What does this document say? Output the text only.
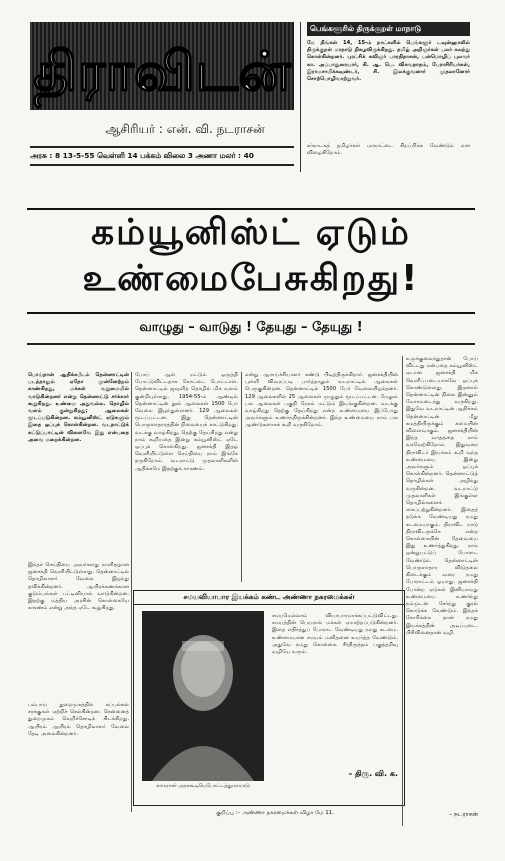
திராவிடன்
ஆசிரியர் : என். வி. நடராசன்
அரசு : 8 13-5-55 வெள்ளி 14 பக்கம் விலை 3 அணா மலர் : 40
பெங்களூரில் திருக்குறள் மாநாடு
மே திங்கள் 14, 15-ம் நாட்களில் பெங்களூர் டவுன்ஹாலில் திருக்குறள் மாநாடு நிகழவிருக்கிறது. தமிழ் அறிஞர்கள் பலர் கலந்து கொள்கின்றனர். புரட்சிக் கவிஞர் பாரதிதாசன், பன்மொழிப் புலவர் கா. அப்பாதுரையார், கி. ஆ. பெ. விசுவநாதம், பேராசிரியர்கள், இராமசாமிக்கவுண்டர், சி. இலக்குவனார் முதலானோர் சொற்பொழிவாற்றுவர்.
கர்நாடகத் தமிழர்கள் மாநாட்டை சிறப்பிக்க வேண்டும் என விழைகிறோம்.
கம்யூனிஸ்ட் ஏடும்
உண்மைபேசுகிறது!
வாழுது – வாடுது ! தேயுது – தேயுது !
பொய்தான் ஆதிக்கபீடம் தென்னாட்டின் படத்தாலும் ஏதோ முன்னேற்றம் காண்கிறது, மக்கள் வறுமையில் வாடுகின்றனர் என்று தென்னாட்டு சர்க்கார் கூறுகிறது. உண்மை அதுவல்ல. தொழில் வளம் குன்றுகிறது; ஆலைகள் மூடப்படுகின்றன. கம்யூனிஸ்ட் ஏடுகளும் இதை ஒப்புக் கொள்கின்றன. வடநாட்டுக் கட்டுப்பாட்டின் விளைவே இது என்பதை அவை மறைக்கின்றன.
இந்தச் செய்தியை அவர்களது நாளிதழான ஜனசக்தி வெளியிட்டுள்ளது. தென்னாட்டில் தொழிலாளர் வேலை இழந்து தவிக்கின்றனர். ஆயிரக்கணக்கான குடும்பங்கள் பட்டினியால் வாடுகின்றன. இதற்கு மத்திய அரசின் கொள்கையே காரணம் என்று அந்த ஏடே கூறுகிறது.
பம்பாய் துறைமுகத்தில் கப்பல்கள் சரக்குகள் ஏற்றிச் செல்கின்றன. சென்னைத் துறைமுகம் வெறிச்சோடிக் கிடக்கிறது. ஆயிரம் ஆயிரம் தொழிலாளர் வேலை தேடி அலைகின்றனர்.
போய் ஆள் மட்டும் ஒருத்தி போட்டுவிட்டதாக கோட்டை போட்டாள். தென்னாட்டில் ஜவுளித் தொழில் மிக வளம் குன்றியுள்ளது. 1954-55-ம் ஆண்டில் தென்னாட்டின் நூல் ஆலைகள் 1500 பேர் வேலை இழந்துள்ளனர். 129 ஆலைகள் மூடப்பட்டன. இது தென்னாட்டின் பொருளாதாரத்தின் நிலையைக் காட்டுகிறது. வடக்கு வாழ்கிறது, தெற்கு தேய்கிறது என்று நாம் கூறியதை இன்று கம்யூனிஸ்ட் ஏடே ஒப்புக் கொள்கிறது. ஜனசக்தி இதழ் வெளியிட்டுள்ள செய்தியை நாம் இங்கே தருகிறோம். வடநாட்டு முதலாளிகளின் ஆதிக்கமே இதற்குக் காரணம்.
என்று ஆராய்ச்சியாளர் கண்டு பிடித்திருக்கிறார். ஜனசக்தியின் புள்ளி விவரப்படி பார்த்தாலும் வடநாட்டில் ஆலைகள் பெருகுகின்றன. தென்னாட்டில் 1500 பேர் வேலையிழந்தனர். 129 ஆலைகளில் 25 ஆலைகள் முழுதும் மூடப்பட்டன. மேலும் பல ஆலைகள் பகுதி நேரம் மட்டும் இயங்குகின்றன. வடக்கு வாழ்கிறது தெற்கு தேய்கிறது என்ற உண்மையை இப்போது அவர்களும் உணர்ந்திருக்கின்றனர். இந்த உண்மையை நாம் பல ஆண்டுகளாகக் கூறி வருகிறோம்.
சமயவியாபார இயக்கம் கண்ட அண்ணா நகரமைக்கள்
காமராசர் அரசுகூடியேபோட்டத்துமாமாடு
சமயமெல்லாம் வியாபாரமாக்கப்பட்டுவிட்டது. சமயத்தின் பெயரால் மக்கள் ஏமாற்றப்படுகின்றனர். இதை எதிர்த்துப் போராட வேண்டியது நமது கடமை. உண்மையான சமயம் மனிதனை உயர்த்த வேண்டும். அதுவே நமது கொள்கை. சீர்திருத்தம் பகுத்தறிவு வழியே வரும்.
– திரு. வி. க.
குறிப்பு :– அண்ணா நகரமைக்கள் விழா மே 11.
உருக்குலைந்துதான் போய் விட்டது என்பதை கம்யூனிஸ்ட் ஏடான ஜனசக்தி மிக வெளிப்படையாகவே ஒப்புக் கொண்டுள்ளது. இதனால் தென்னாட்டின் நிலை இன்னும் மோசமடைந்து வருகிறது. இதுவே வடநாட்டின் ஆதிக்கம் தென்னாட்டின் மீது சுமத்தியிருக்கும் சுமையின் விளைவாகும். ஜனசக்தியின் இந்த வாதத்தை நாம் வரவேற்கிறோம். இதுவரை திராவிடர் இயக்கம் கூறி வந்த உண்மையை இன்று அவர்களும் ஒப்புக் கொள்கின்றனர். தென்னாட்டுத் தொழில்கள் அழிந்து வருகின்றன. வடநாட்டு முதலாளிகள் இங்குள்ள தொழில்களைக் கைப்பற்றுகின்றனர். இதைத் தடுக்க வேண்டியது நமது கடமையாகும். திராவிட நாடு திராவிடருக்கே என்ற கொள்கையின் தேவையை இது உணர்த்துகிறது. நாம் ஒன்றுபட்டுப் போராட வேண்டும். தென்னாட்டின் பொருளாதார விடுதலை கிடைக்கும் வரை நமது போராட்டம் ஓயாது. ஜனசக்தி போன்ற ஏடுகள் இனியாவது உண்மையை உணர்ந்து நம்முடன் சேர்ந்து குரல் கொடுக்க வேண்டும். இந்தக் கோரிக்கை தான் நமது இயக்கத்தின் அடிப்படை. பிரிவினைதான் வழி.
– நடராசன்
